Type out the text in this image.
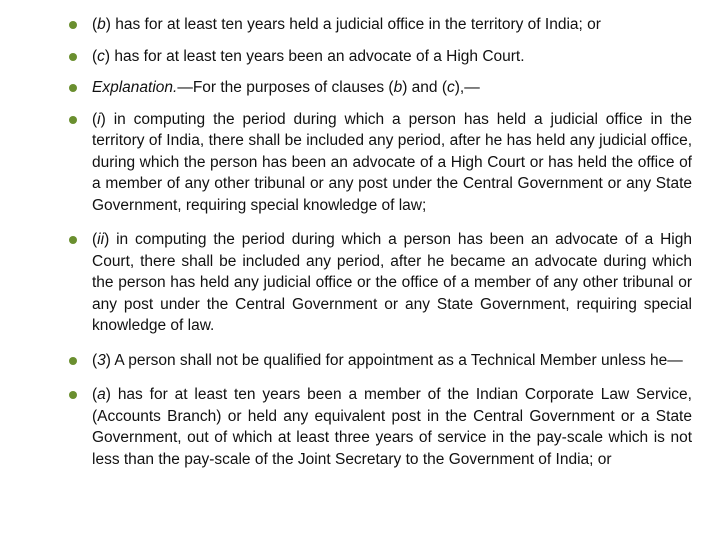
(b) has for at least ten years held a judicial office in the territory of India; or
(c) has for at least ten years been an advocate of a High Court.
Explanation.—For the purposes of clauses (b) and (c),—
(i) in computing the period during which a person has held a judicial office in the territory of India, there shall be included any period, after he has held any judicial office, during which the person has been an advocate of a High Court or has held the office of a member of any other tribunal or any post under the Central Government or any State Government, requiring special knowledge of law;
(ii) in computing the period during which a person has been an advocate of a High Court, there shall be included any period, after he became an advocate during which the person has held any judicial office or the office of a member of any other tribunal or any post under the Central Government or any State Government, requiring special knowledge of law.
(3) A person shall not be qualified for appointment as a Technical Member unless he—
(a) has for at least ten years been a member of the Indian Corporate Law Service,(Accounts Branch) or held any equivalent post in the Central Government or a State Government, out of which at least three years of service in the pay-scale which is not less than the pay-scale of the Joint Secretary to the Government of India; or
